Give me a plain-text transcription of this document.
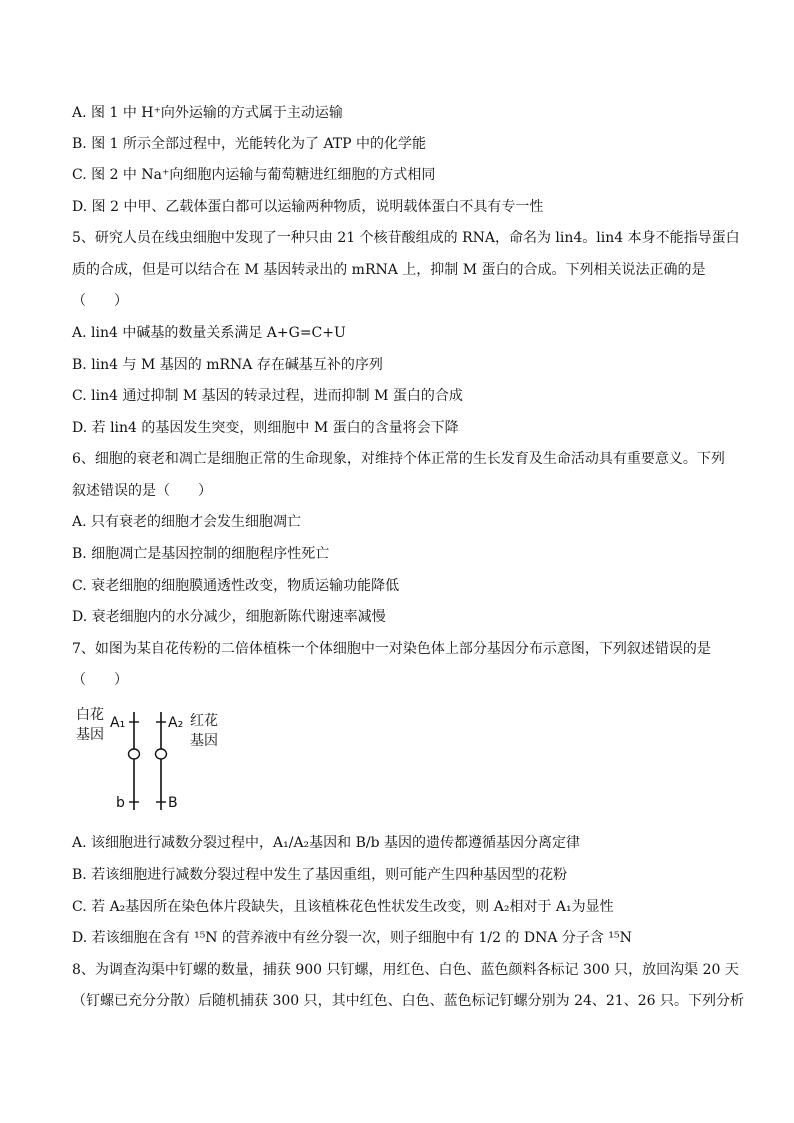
A. 图 1 中 H⁺向外运输的方式属于主动运输
B. 图 1 所示全部过程中，光能转化为了 ATP 中的化学能
C. 图 2 中 Na⁺向细胞内运输与葡萄糖进红细胞的方式相同
D. 图 2 中甲、乙载体蛋白都可以运输两种物质，说明载体蛋白不具有专一性
5、研究人员在线虫细胞中发现了一种只由 21 个核苷酸组成的 RNA，命名为 lin4。lin4 本身不能指导蛋白
质的合成，但是可以结合在 M 基因转录出的 mRNA 上，抑制 M 蛋白的合成。下列相关说法正确的是
（　　）
A. lin4 中碱基的数量关系满足 A+G=C+U
B. lin4 与 M 基因的 mRNA 存在碱基互补的序列
C. lin4 通过抑制 M 基因的转录过程，进而抑制 M 蛋白的合成
D. 若 lin4 的基因发生突变，则细胞中 M 蛋白的含量将会下降
6、细胞的衰老和凋亡是细胞正常的生命现象，对维持个体正常的生长发育及生命活动具有重要意义。下列
叙述错误的是（　　）
A. 只有衰老的细胞才会发生细胞凋亡
B. 细胞凋亡是基因控制的细胞程序性死亡
C. 衰老细胞的细胞膜通透性改变，物质运输功能降低
D. 衰老细胞内的水分减少，细胞新陈代谢速率减慢
7、如图为某自花传粉的二倍体植株一个体细胞中一对染色体上部分基因分布示意图，下列叙述错误的是
（　　）
白花
基因
A₁	A₂ 红花
基因
b	B
A. 该细胞进行减数分裂过程中，A₁/A₂基因和 B/b 基因的遗传都遵循基因分离定律
B. 若该细胞进行减数分裂过程中发生了基因重组，则可能产生四种基因型的花粉
C. 若 A₂基因所在染色体片段缺失，且该植株花色性状发生改变，则 A₂相对于 A₁为显性
D. 若该细胞在含有 ¹⁵N 的营养液中有丝分裂一次，则子细胞中有 1/2 的 DNA 分子含 ¹⁵N
8、为调查沟渠中钉螺的数量，捕获 900 只钉螺，用红色、白色、蓝色颜料各标记 300 只，放回沟渠 20 天
（钉螺已充分分散）后随机捕获 300 只，其中红色、白色、蓝色标记钉螺分别为 24、21、26 只。下列分析
